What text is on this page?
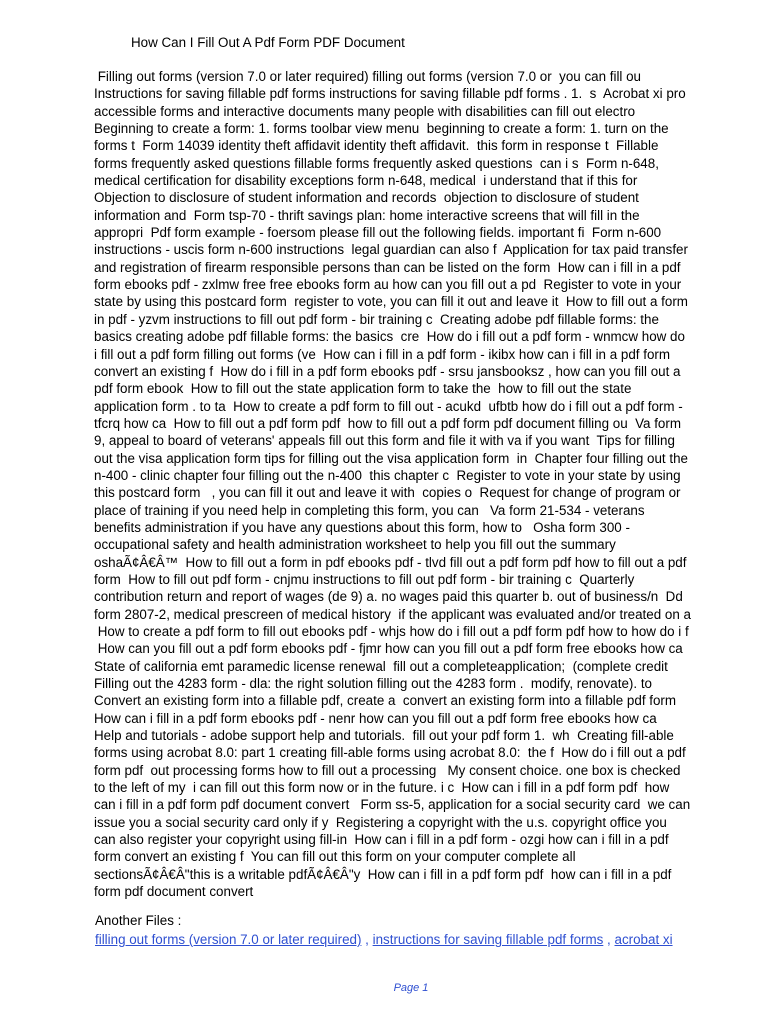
How Can I Fill Out A Pdf Form PDF Document
Filling out forms (version 7.0 or later required) filling out forms (version 7.0 or  you can fill ou
Instructions for saving fillable pdf forms instructions for saving fillable pdf forms . 1.  s  Acrobat xi pro
accessible forms and interactive documents many people with disabilities can fill out electro
Beginning to create a form: 1. forms toolbar view menu  beginning to create a form: 1. turn on the
forms t  Form 14039 identity theft affidavit identity theft affidavit.  this form in response t  Fillable
forms frequently asked questions fillable forms frequently asked questions  can i s  Form n-648,
medical certification for disability exceptions form n-648, medical  i understand that if this for
Objection to disclosure of student information and records  objection to disclosure of student
information and  Form tsp-70 - thrift savings plan: home interactive screens that will fill in the
appropri  Pdf form example - foersom please fill out the following fields. important fi  Form n-600
instructions - uscis form n-600 instructions  legal guardian can also f  Application for tax paid transfer
and registration of firearm responsible persons than can be listed on the form  How can i fill in a pdf
form ebooks pdf - zxlmw free free ebooks form au how can you fill out a pd  Register to vote in your
state by using this postcard form  register to vote, you can fill it out and leave it  How to fill out a form
in pdf - yzvm instructions to fill out pdf form - bir training c  Creating adobe pdf fillable forms: the
basics creating adobe pdf fillable forms: the basics  cre  How do i fill out a pdf form - wnmcw how do
i fill out a pdf form filling out forms (ve  How can i fill in a pdf form - ikibx how can i fill in a pdf form
convert an existing f  How do i fill in a pdf form ebooks pdf - srsu jansbooksz , how can you fill out a
pdf form ebook  How to fill out the state application form to take the  how to fill out the state
application form . to ta  How to create a pdf form to fill out - acukd  ufbtb how do i fill out a pdf form -
tfcrq how ca  How to fill out a pdf form pdf  how to fill out a pdf form pdf document filling ou  Va form
9, appeal to board of veterans' appeals fill out this form and file it with va if you want  Tips for filling
out the visa application form tips for filling out the visa application form  in  Chapter four filling out the
n-400 - clinic chapter four filling out the n-400  this chapter c  Register to vote in your state by using
this postcard form   , you can fill it out and leave it with  copies o  Request for change of program or
place of training if you need help in completing this form, you can   Va form 21-534 - veterans
benefits administration if you have any questions about this form, how to   Osha form 300 -
occupational safety and health administration worksheet to help you fill out the summary
oshaÃ¢Â€Â™  How to fill out a form in pdf ebooks pdf - tlvd fill out a pdf form pdf how to fill out a pdf
form  How to fill out pdf form - cnjmu instructions to fill out pdf form - bir training c  Quarterly
contribution return and report of wages (de 9) a. no wages paid this quarter b. out of business/n  Dd
form 2807-2, medical prescreen of medical history  if the applicant was evaluated and/or treated on a
How to create a pdf form to fill out ebooks pdf - whjs how do i fill out a pdf form pdf how to how do i f
How can you fill out a pdf form ebooks pdf - fjmr how can you fill out a pdf form free ebooks how ca
State of california emt paramedic license renewal  fill out a completeapplication;  (complete credit
Filling out the 4283 form - dla: the right solution filling out the 4283 form .  modify, renovate). to
Convert an existing form into a fillable pdf, create a  convert an existing form into a fillable pdf form
How can i fill in a pdf form ebooks pdf - nenr how can you fill out a pdf form free ebooks how ca
Help and tutorials - adobe support help and tutorials.  fill out your pdf form 1.  wh  Creating fill-able
forms using acrobat 8.0: part 1 creating fill-able forms using acrobat 8.0:  the f  How do i fill out a pdf
form pdf  out processing forms how to fill out a processing   My consent choice. one box is checked
to the left of my  i can fill out this form now or in the future. i c  How can i fill in a pdf form pdf  how
can i fill in a pdf form pdf document convert   Form ss-5, application for a social security card  we can
issue you a social security card only if y  Registering a copyright with the u.s. copyright office you
can also register your copyright using fill-in  How can i fill in a pdf form - ozgi how can i fill in a pdf
form convert an existing f  You can fill out this form on your computer complete all
sectionsÃ¢Â€Â"this is a writable pdfÃ¢Â€Â"y  How can i fill in a pdf form pdf  how can i fill in a pdf
form pdf document convert
Another Files :
filling out forms (version 7.0 or later required) , instructions for saving fillable pdf forms , acrobat xi
Page 1
